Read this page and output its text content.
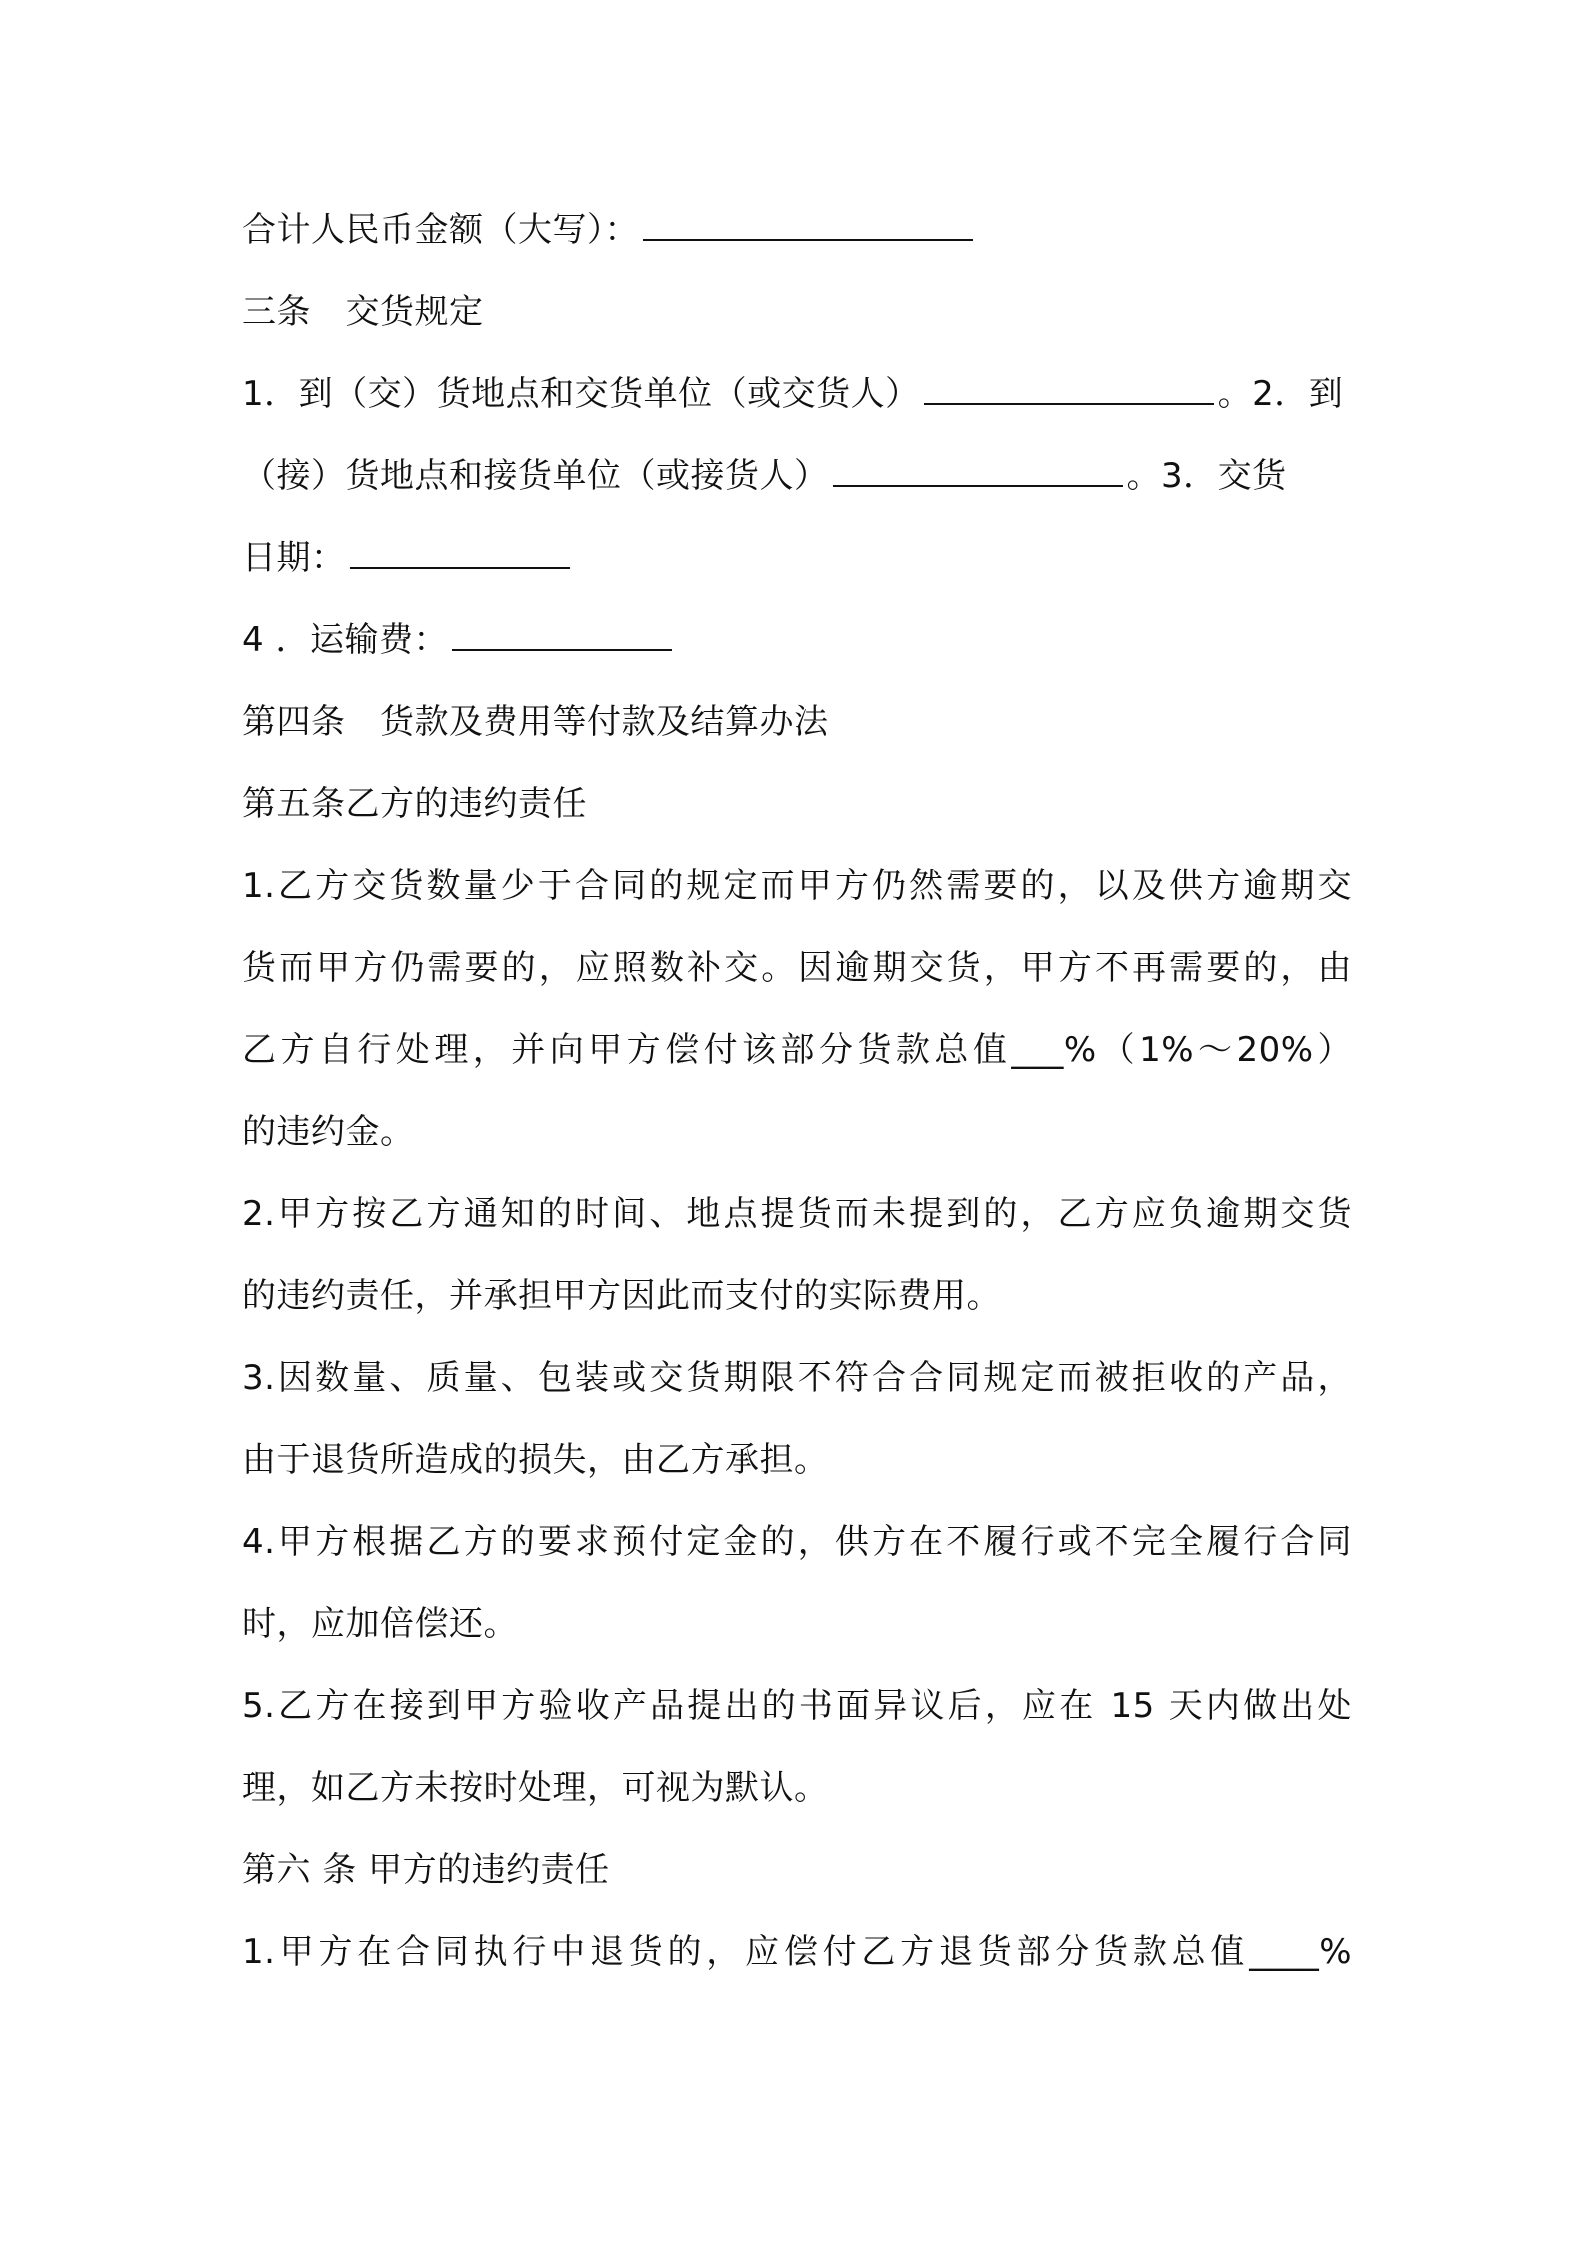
合计人民币金额（大写）：
三条　交货规定
1．到（交）货地点和交货单位（或交货人）	。2．到
（接）货地点和接货单位（或接货人）	。3．交货
日期：
4 ．运输费：
第四条　货款及费用等付款及结算办法
第五条乙方的违约责任
1.乙方交货数量少于合同的规定而甲方仍然需要的，以及供方逾期交
货而甲方仍需要的，应照数补交。因逾期交货，甲方不再需要的，由
乙方自行处理，并向甲方偿付该部分货款总值___%（1%～20%）
的违约金。
2.甲方按乙方通知的时间、地点提货而未提到的，乙方应负逾期交货
的违约责任，并承担甲方因此而支付的实际费用。
3.因数量、质量、包装或交货期限不符合合同规定而被拒收的产品，
由于退货所造成的损失，由乙方承担。
4.甲方根据乙方的要求预付定金的，供方在不履行或不完全履行合同
时，应加倍偿还。
5.乙方在接到甲方验收产品提出的书面异议后，应在 15 天内做出处
理，如乙方未按时处理，可视为默认。
第六 条 甲方的违约责任
1.甲方在合同执行中退货的，应偿付乙方退货部分货款总值____%
